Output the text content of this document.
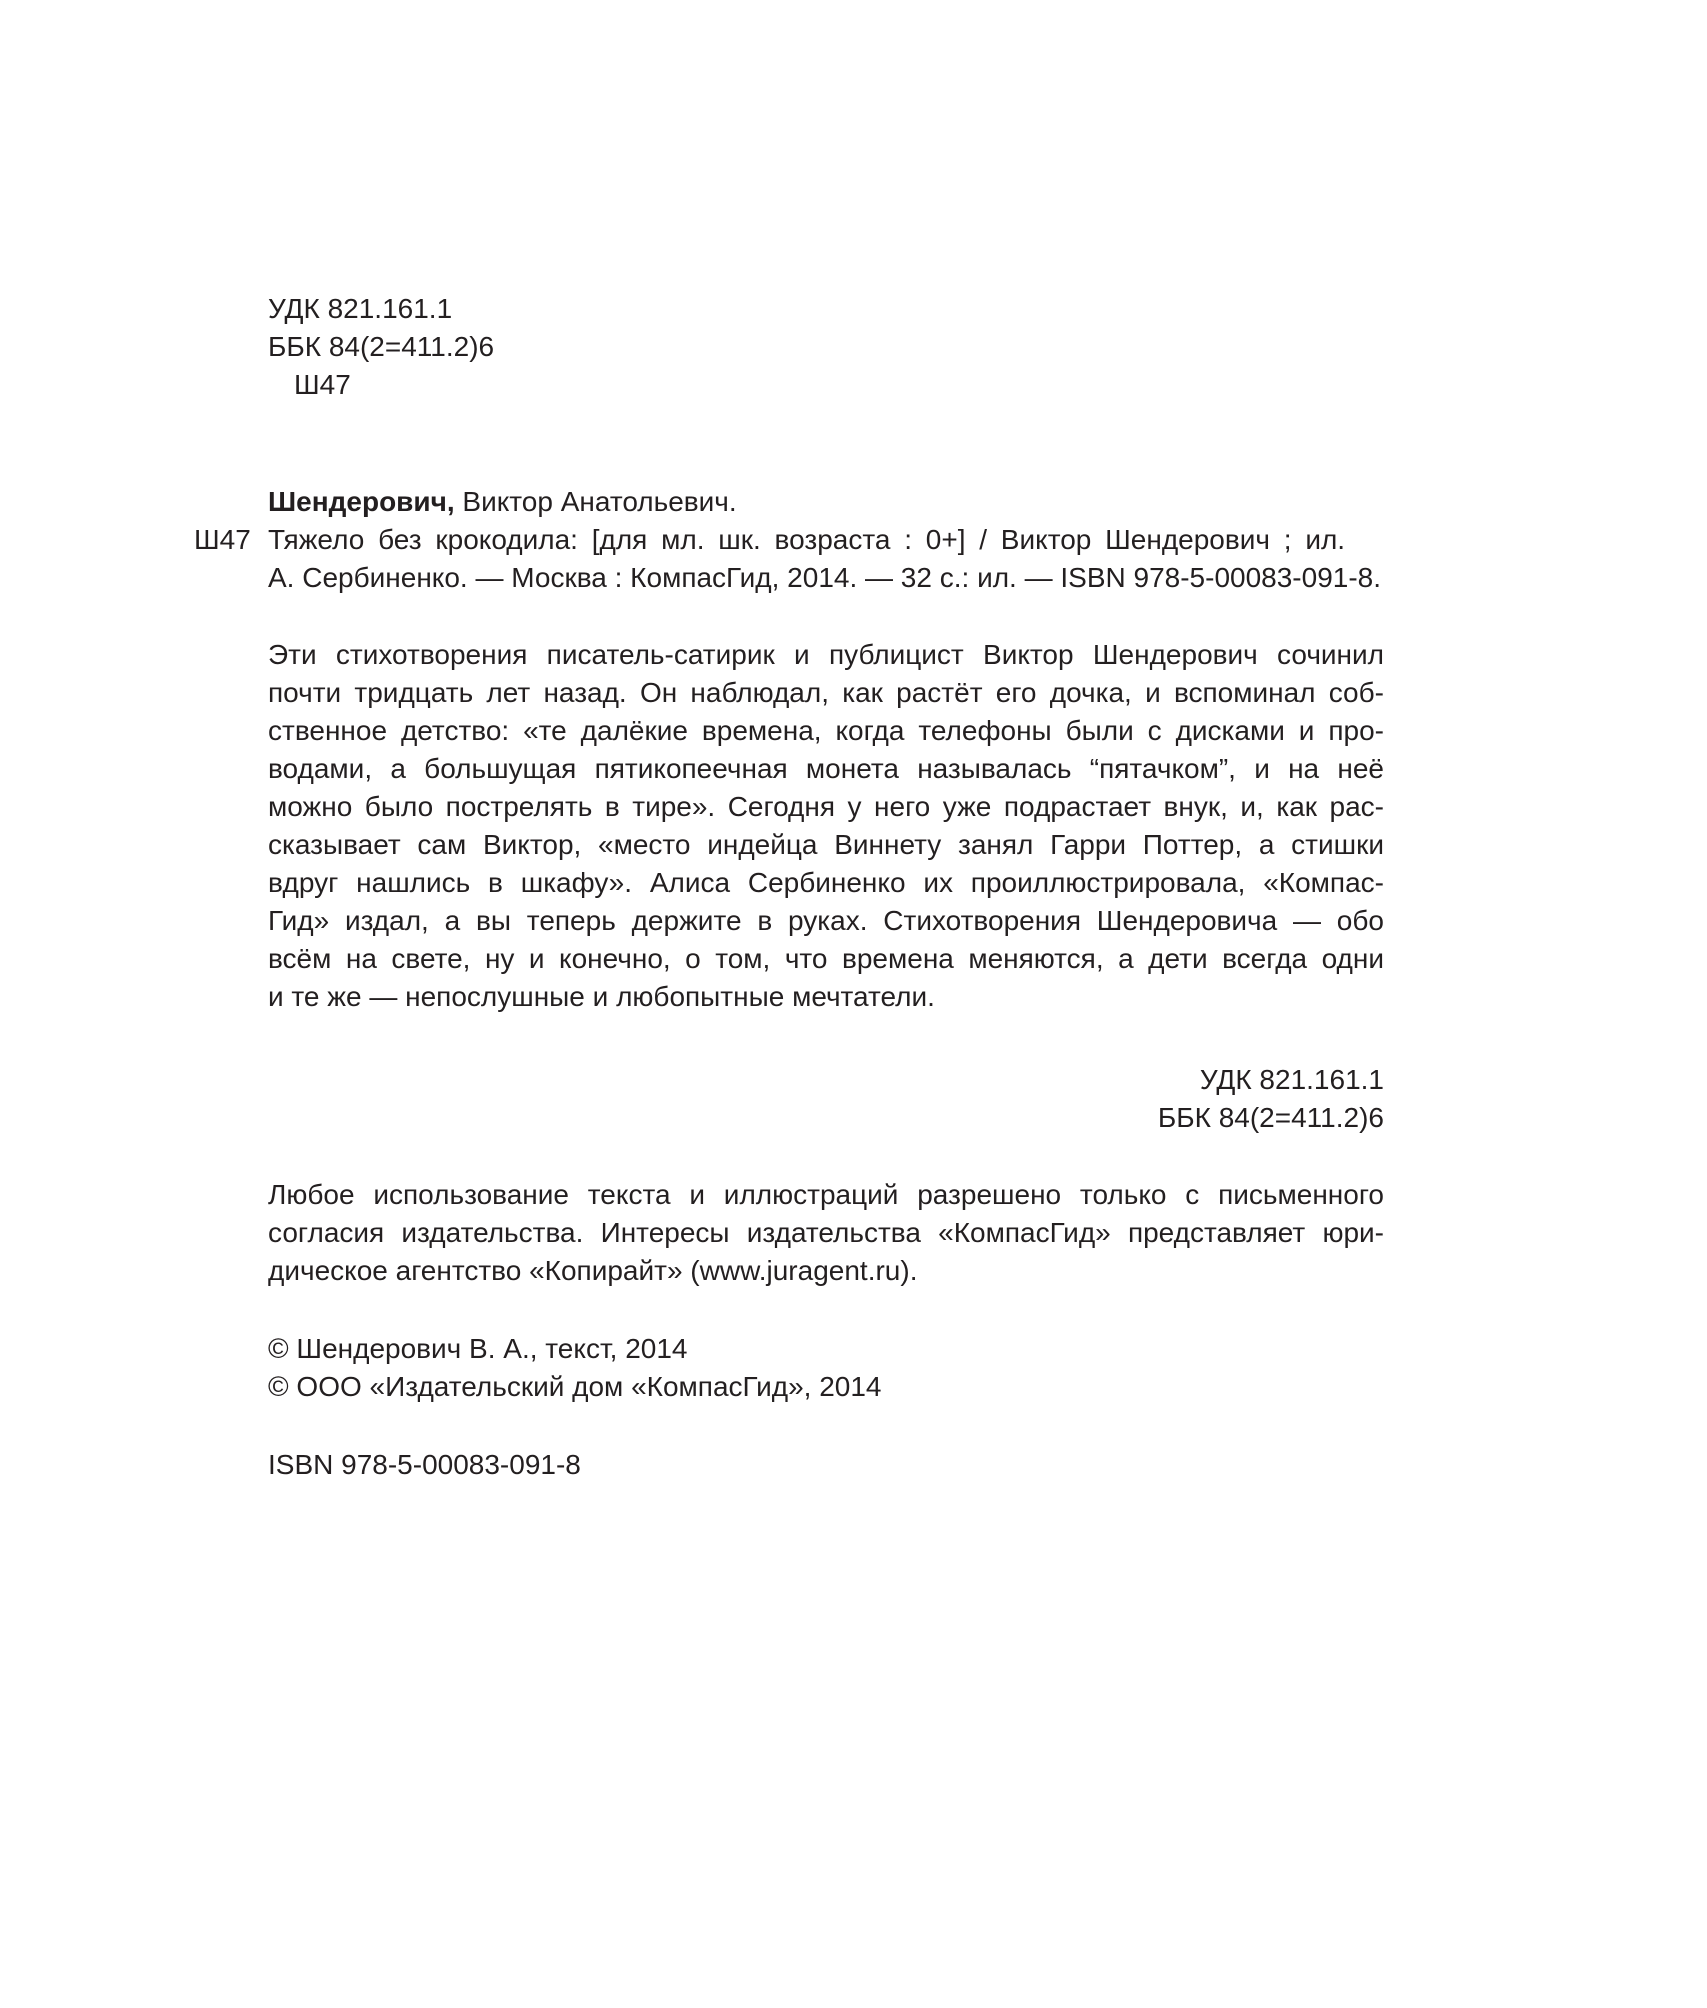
УДК 821.161.1
ББК 84(2=411.2)6
Ш47
Шендерович, Виктор Анатольевич.
Тяжело без крокодила: [для мл. шк. возраста : 0+] / Виктор Шендерович ; ил.
А. Сербиненко. — Москва : КомпасГид, 2014. — 32 с.: ил. — ISBN 978-5-00083-091-8.
Ш47
Эти стихотворения писатель-сатирик и публицист Виктор Шендерович сочинил
почти тридцать лет назад. Он наблюдал, как растёт его дочка, и вспоминал соб-
ственное детство: «те далёкие времена, когда телефоны были с дисками и про-
водами, а большущая пятикопеечная монета называлась “пятачком”, и на неё
можно было пострелять в тире». Сегодня у него уже подрастает внук, и, как рас-
сказывает сам Виктор, «место индейца Виннету занял Гарри Поттер, а стишки
вдруг нашлись в шкафу». Алиса Сербиненко их проиллюстрировала, «Компас-
Гид» издал, а вы теперь держите в руках. Стихотворения Шендеровича — обо
всём на свете, ну и конечно, о том, что времена меняются, а дети всегда одни
и те же — непослушные и любопытные мечтатели.
УДК 821.161.1
ББК 84(2=411.2)6
Любое использование текста и иллюстраций разрешено только с письменного
согласия издательства. Интересы издательства «КомпасГид» представляет юри-
дическое агентство «Копирайт» (www.juragent.ru).
© Шендерович В. А., текст, 2014
© ООО «Издательский дом «КомпасГид», 2014
ISBN 978-5-00083-091-8
